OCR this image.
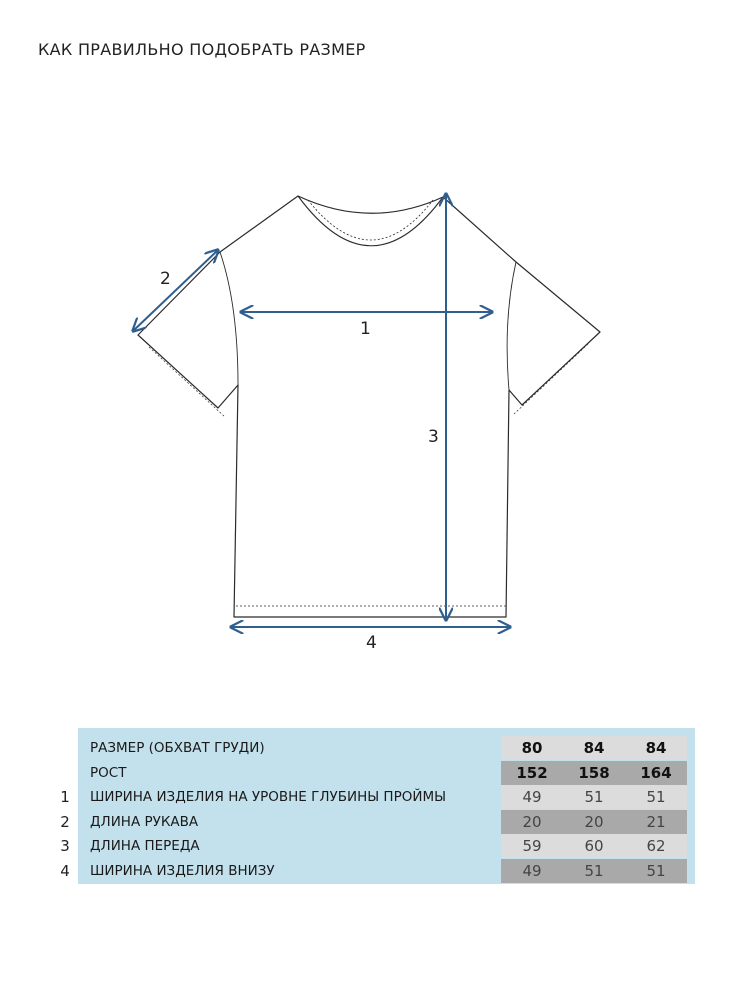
КАК ПРАВИЛЬНО ПОДОБРАТЬ РАЗМЕР
1
2
3
4
РАЗМЕР (ОБХВАТ ГРУДИ)	80	84	84
РОСТ	152	158	164
ШИРИНА ИЗДЕЛИЯ НА УРОВНЕ ГЛУБИНЫ ПРОЙМЫ	49	51	51
ДЛИНА РУКАВА	20	20	21
ДЛИНА ПЕРЕДА	59	60	62
ШИРИНА ИЗДЕЛИЯ ВНИЗУ	49	51	51
1
2
3
4
